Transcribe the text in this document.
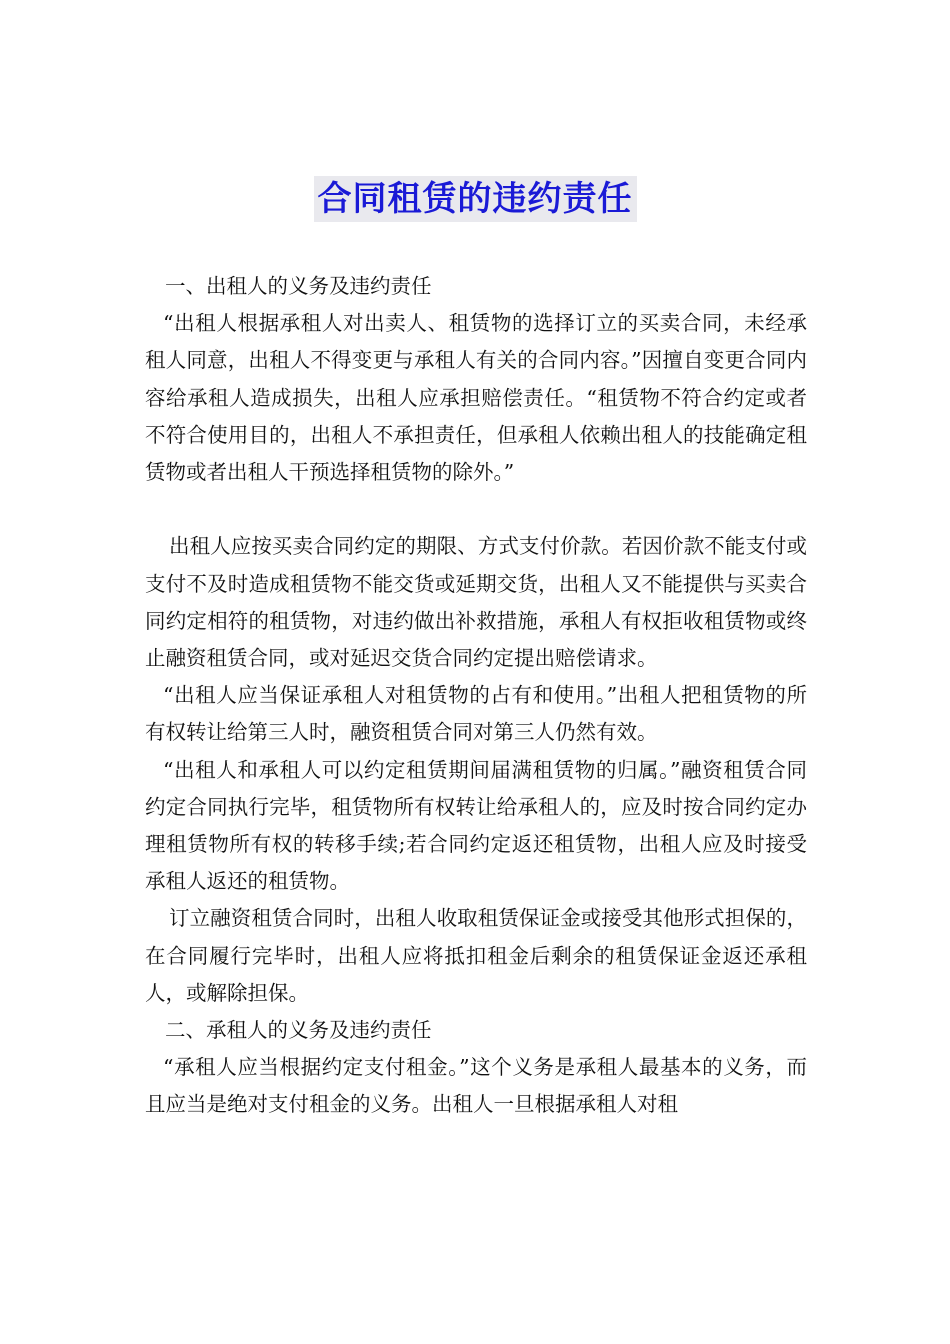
合同租赁的违约责任

一、出租人的义务及违约责任

“出租人根据承租人对出卖人、租赁物的选择订立的买卖合同，未经承租人同意，出租人不得变更与承租人有关的合同内容。”因擅自变更合同内容给承租人造成损失，出租人应承担赔偿责任。“租赁物不符合约定或者不符合使用目的，出租人不承担责任，但承租人依赖出租人的技能确定租赁物或者出租人干预选择租赁物的除外。”

出租人应按买卖合同约定的期限、方式支付价款。若因价款不能支付或支付不及时造成租赁物不能交货或延期交货，出租人又不能提供与买卖合同约定相符的租赁物，对违约做出补救措施，承租人有权拒收租赁物或终止融资租赁合同，或对延迟交货合同约定提出赔偿请求。

“出租人应当保证承租人对租赁物的占有和使用。”出租人把租赁物的所有权转让给第三人时，融资租赁合同对第三人仍然有效。

“出租人和承租人可以约定租赁期间届满租赁物的归属。”融资租赁合同约定合同执行完毕，租赁物所有权转让给承租人的，应及时按合同约定办理租赁物所有权的转移手续;若合同约定返还租赁物，出租人应及时接受承租人返还的租赁物。

订立融资租赁合同时，出租人收取租赁保证金或接受其他形式担保的，在合同履行完毕时，出租人应将抵扣租金后剩余的租赁保证金返还承租人，或解除担保。

二、承租人的义务及违约责任

“承租人应当根据约定支付租金。”这个义务是承租人最基本的义务，而且应当是绝对支付租金的义务。出租人一旦根据承租人对租
